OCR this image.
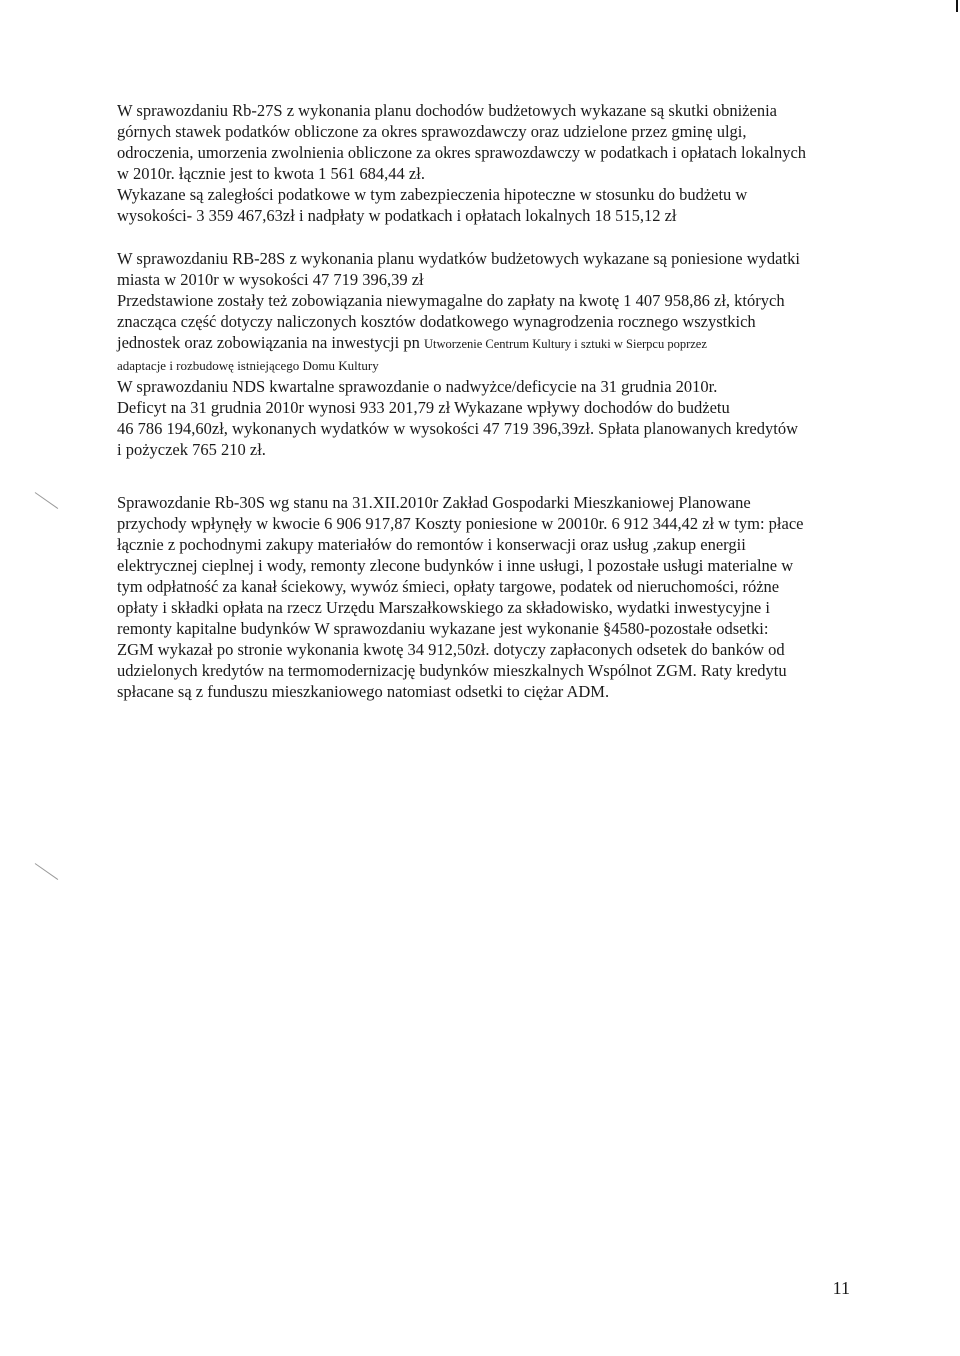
W sprawozdaniu Rb-27S z wykonania planu dochodów budżetowych wykazane są skutki obniżenia
górnych stawek podatków obliczone za okres sprawozdawczy oraz udzielone przez gminę ulgi,
odroczenia, umorzenia zwolnienia obliczone za okres sprawozdawczy w podatkach i opłatach lokalnych
w 2010r. łącznie jest to kwota 1 561 684,44 zł.
Wykazane są zaległości podatkowe w tym zabezpieczenia hipoteczne w stosunku do budżetu w
wysokości- 3 359 467,63zł i nadpłaty w podatkach i opłatach lokalnych 18 515,12 zł
W sprawozdaniu RB-28S z wykonania planu wydatków budżetowych wykazane są poniesione wydatki
miasta w 2010r w wysokości 47 719 396,39 zł
Przedstawione zostały też zobowiązania niewymagalne do zapłaty na kwotę 1 407 958,86 zł, których
znacząca część dotyczy naliczonych kosztów dodatkowego wynagrodzenia rocznego wszystkich
jednostek oraz zobowiązania na inwestycji pn Utworzenie Centrum Kultury i sztuki w Sierpcu poprzez
adaptacje i rozbudowę istniejącego Domu Kultury
W sprawozdaniu NDS kwartalne sprawozdanie o nadwyżce/deficycie na 31 grudnia 2010r.
Deficyt na 31 grudnia 2010r wynosi 933 201,79 zł Wykazane wpływy dochodów do budżetu
46 786 194,60zł, wykonanych wydatków w wysokości 47 719 396,39zł. Spłata planowanych kredytów
i pożyczek 765 210 zł.
Sprawozdanie Rb-30S wg stanu na 31.XII.2010r Zakład Gospodarki Mieszkaniowej Planowane
przychody wpłynęły w kwocie 6 906 917,87 Koszty poniesione w 20010r. 6 912 344,42 zł w tym: płace
łącznie z pochodnymi zakupy materiałów do remontów i konserwacji oraz usług ,zakup energii
elektrycznej cieplnej i wody, remonty zlecone budynków i inne usługi, l pozostałe usługi materialne w
tym odpłatność za kanał ściekowy, wywóz śmieci, opłaty targowe, podatek od nieruchomości, różne
opłaty i składki opłata na rzecz Urzędu Marszałkowskiego za składowisko, wydatki inwestycyjne i
remonty kapitalne budynków W sprawozdaniu wykazane jest wykonanie §4580-pozostałe odsetki:
ZGM wykazał po stronie wykonania kwotę 34 912,50zł. dotyczy zapłaconych odsetek do banków od
udzielonych kredytów na termomodernizację budynków mieszkalnych Wspólnot ZGM. Raty kredytu
spłacane są z funduszu mieszkaniowego natomiast odsetki to ciężar ADM.
11
